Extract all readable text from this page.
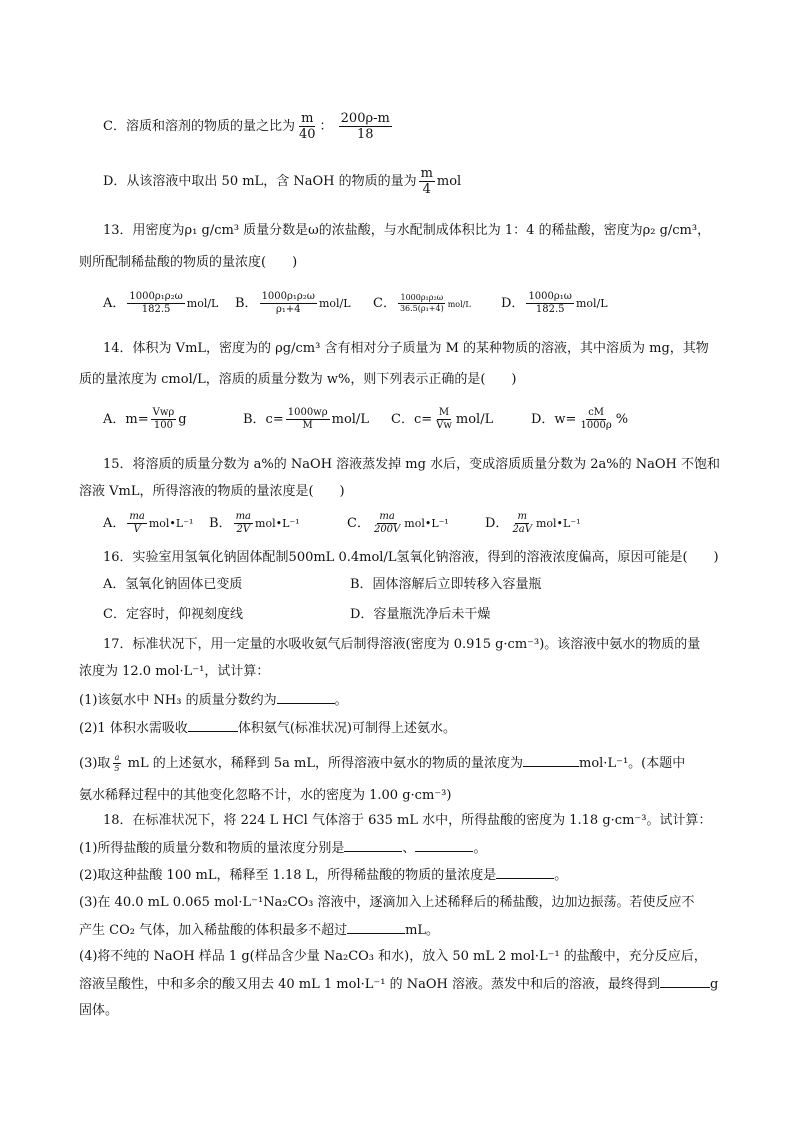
C．溶质和溶剂的物质的量之比为 $\frac{m}{40}$ ： $\frac{200\rho-m}{18}$
D．从该溶液中取出 50 mL，含 NaOH 的物质的量为 $\frac{m}{4}$ mol
13．用密度为ρ₁ g/cm³ 质量分数是ω的浓盐酸，与水配制成体积比为 1：4 的稀盐酸，密度为ρ₂ g/cm³，
则所配制稀盐酸的物质的量浓度(　　)
A． $\frac{\text{1000ρ₁ρ₂ω}}{182.5} mol/L$ B． $\frac{\text{1000ρ₁ρ₂ω}}{\text{ρ₁+4}} mol/L$ C． $\frac{\text{1000ρ₁ρ₂ω}}{\text{36.5(ρ₁+4)}} mol/L$ D． $\frac{\text{1000ρ₁ω}}{182.5} mol/L$
14．体积为 VmL，密度为的 ρg/cm³ 含有相对分子质量为 M 的某种物质的溶液，其中溶质为 mg，其物
质的量浓度为 cmol/L，溶质的质量分数为 w%，则下列表示正确的是(　　)
A．$m= \frac{\text{Vwρ}}{100}$ g	B．$c= \frac{1000w\rho}{M} mol/L$ C．$c= \frac{M}{Vw} mol/L$	D．$w= \frac{cM}{1000\rho}$ %
15．将溶质的质量分数为 a%的 NaOH 溶液蒸发掉 mg 水后，变成溶质质量分数为 2a%的 NaOH 不饱和
溶液 VmL，所得溶液的物质的量浓度是(　　)
A． $\frac{ma}{V}$ mol•L⁻¹ B． $\frac{ma}{2V}$ mol•L⁻¹	C． $\frac{ma}{200V}$ mol•L⁻¹	D． $\frac{m}{2aV}$ mol•L⁻¹
16．实验室用氢氧化钠固体配制500mL 0.4mol/L氢氧化钠溶液，得到的溶液浓度偏高，原因可能是(　　)
A．氢氧化钠固体已变质	B．固体溶解后立即转移入容量瓶
C．定容时，仰视刻度线	D．容量瓶洗净后未干燥
17．标准状况下，用一定量的水吸收氨气后制得溶液(密度为 0.915 g·cm⁻³)。该溶液中氨水的物质的量
浓度为 12.0 mol·L⁻¹，试计算：
(1)该氨水中 NH₃ 的质量分数约为	。
(2)1 体积水需吸收	体积氨气(标准状况)可制得上述氨水。
(3)取 $\frac{a}{5}$ mL 的上述氨水，稀释到 5a mL，所得溶液中氨水的物质的量浓度为	mol·L⁻¹。(本题中
氨水稀释过程中的其他变化忽略不计，水的密度为 1.00 g·cm⁻³)
18．在标准状况下，将 224 L HCl 气体溶于 635 mL 水中，所得盐酸的密度为 1.18 g·cm⁻³。试计算：
(1)所得盐酸的质量分数和物质的量浓度分别是	、	。
(2)取这种盐酸 100 mL，稀释至 1.18 L，所得稀盐酸的物质的量浓度是	。
(3)在 40.0 mL 0.065 mol·L⁻¹Na₂CO₃ 溶液中，逐滴加入上述稀释后的稀盐酸，边加边振荡。若使反应不
产生 CO₂ 气体，加入稀盐酸的体积最多不超过	mL。
(4)将不纯的 NaOH 样品 1 g(样品含少量 Na₂CO₃ 和水)，放入 50 mL 2 mol·L⁻¹ 的盐酸中，充分反应后，
溶液呈酸性，中和多余的酸又用去 40 mL 1 mol·L⁻¹ 的 NaOH 溶液。蒸发中和后的溶液，最终得到	g
固体。
